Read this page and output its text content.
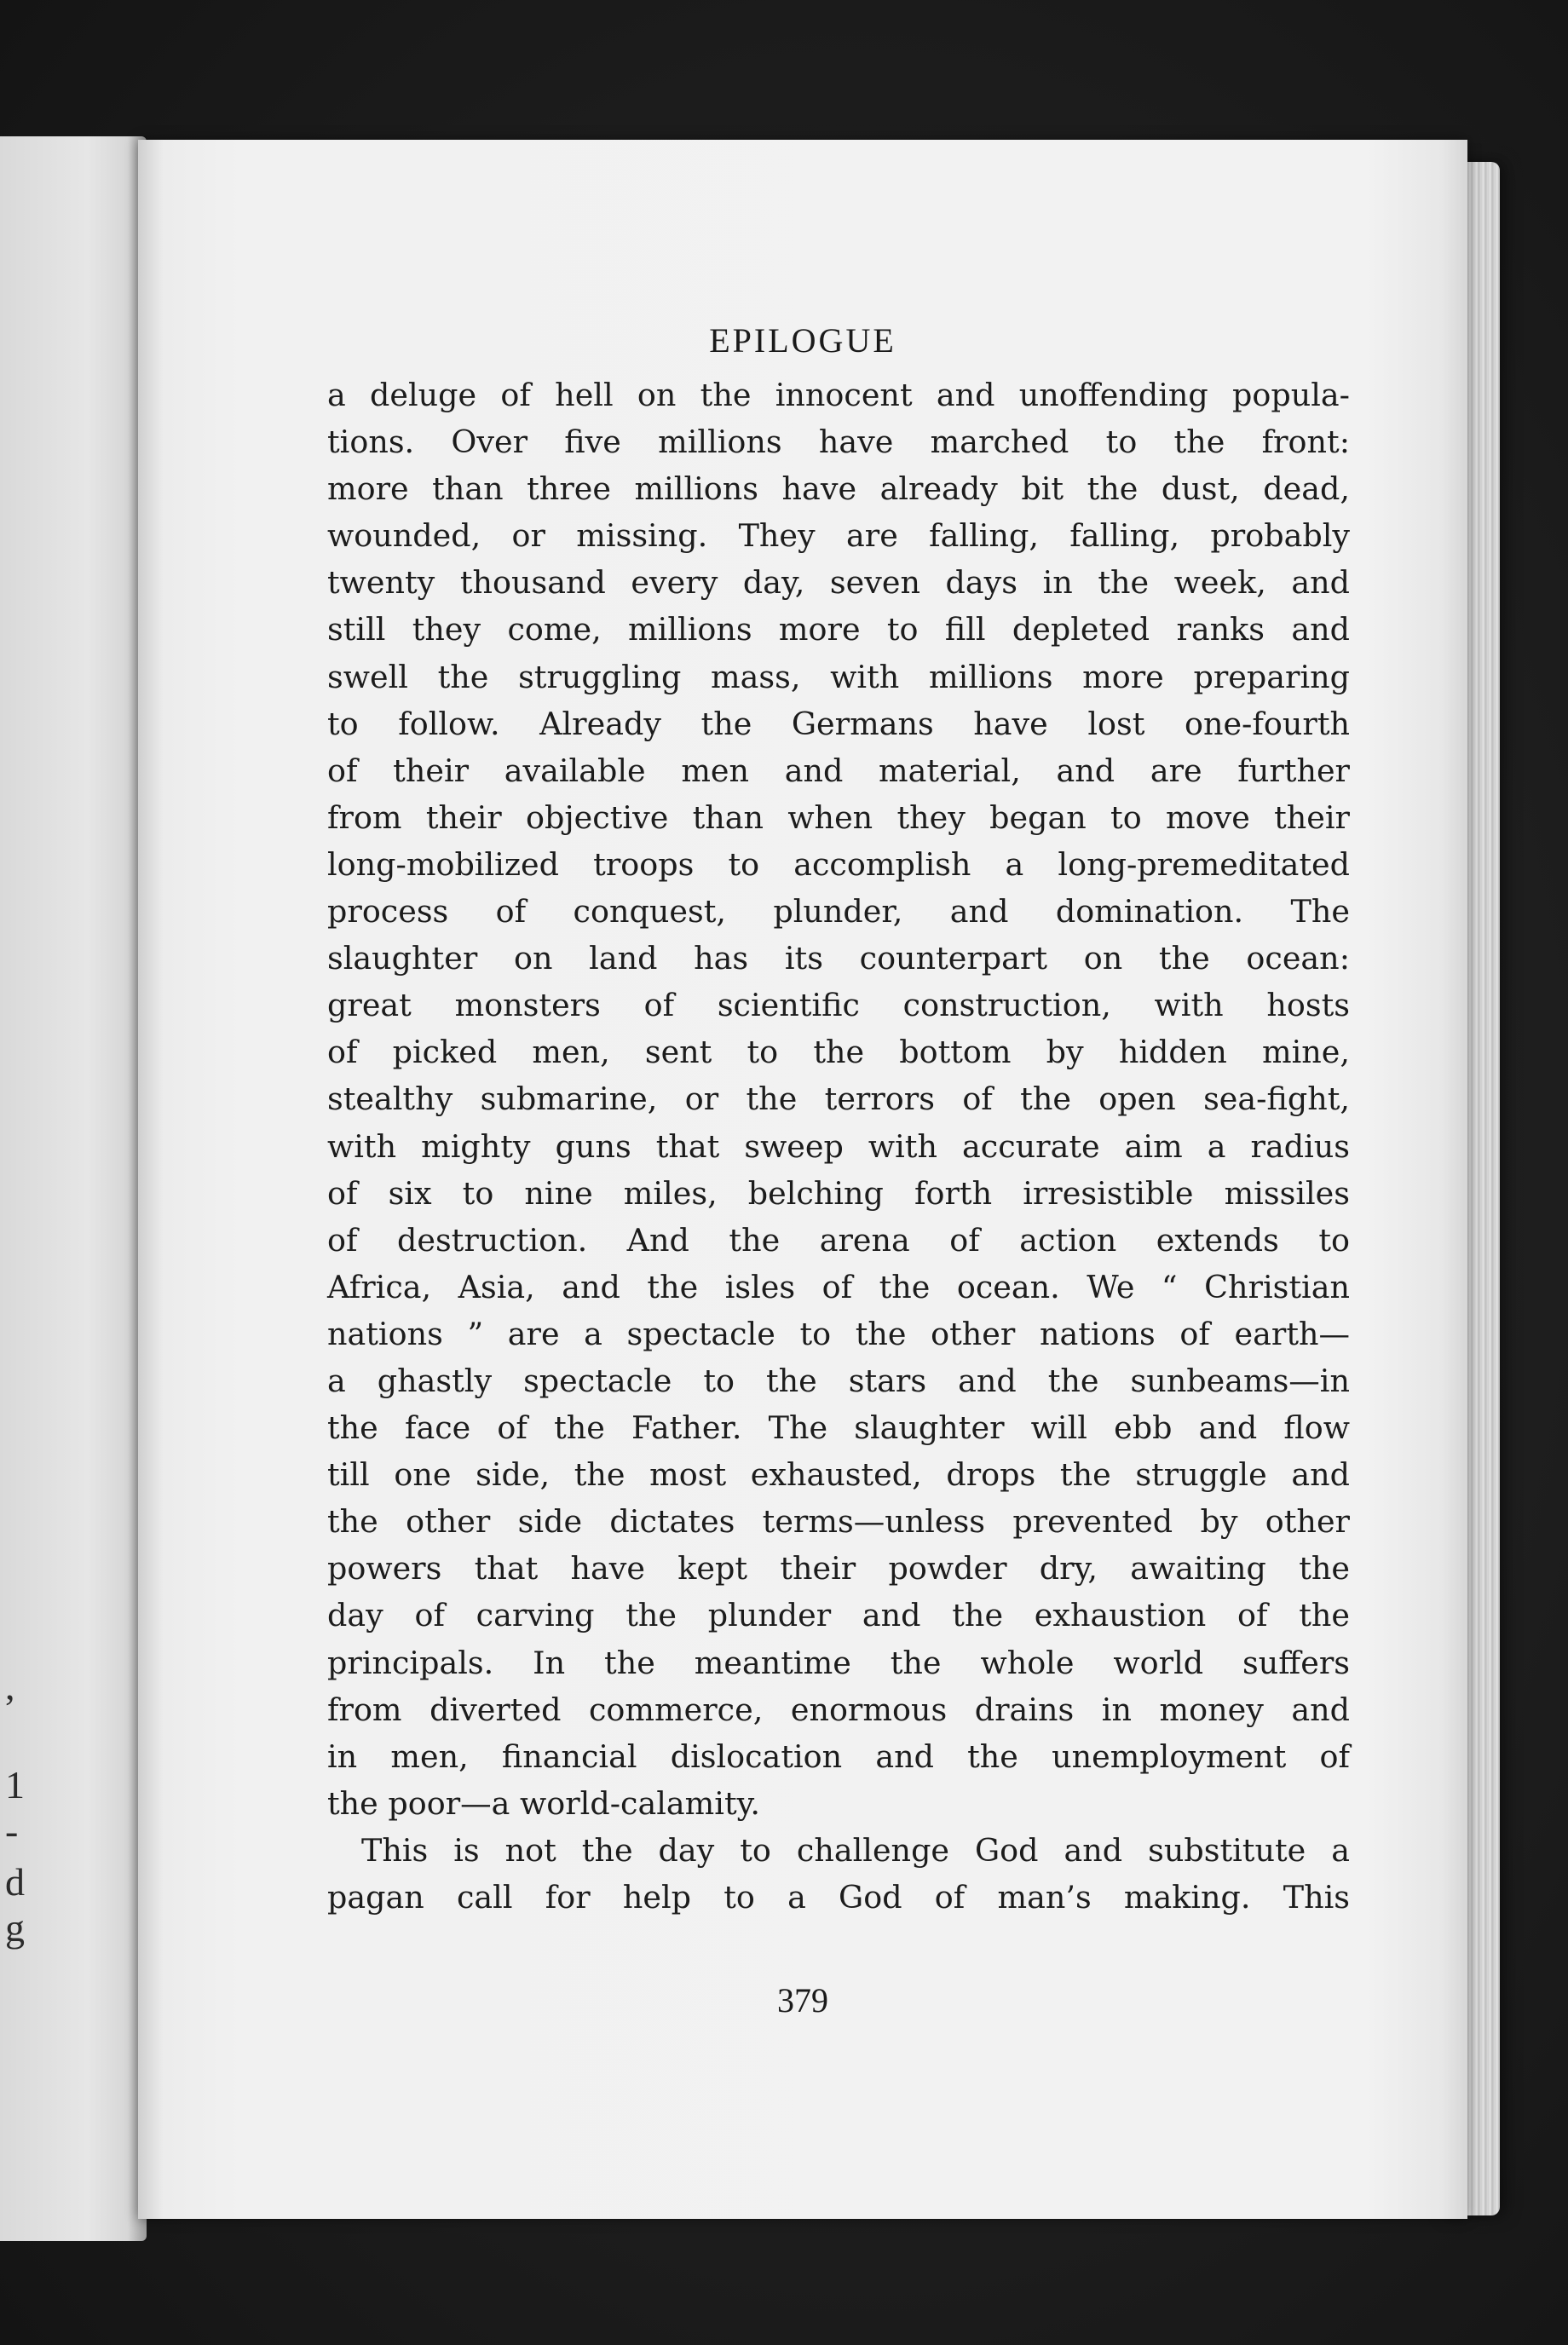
,
1
-
d
g
EPILOGUE
a deluge of hell on the innocent and unoffending popula-
tions. Over five millions have marched to the front:
more than three millions have already bit the dust, dead,
wounded, or missing. They are falling, falling, probably
twenty thousand every day, seven days in the week, and
still they come, millions more to fill depleted ranks and
swell the struggling mass, with millions more preparing
to follow. Already the Germans have lost one-fourth
of their available men and material, and are further
from their objective than when they began to move their
long-mobilized troops to accomplish a long-premeditated
process of conquest, plunder, and domination. The
slaughter on land has its counterpart on the ocean:
great monsters of scientific construction, with hosts
of picked men, sent to the bottom by hidden mine,
stealthy submarine, or the terrors of the open sea-fight,
with mighty guns that sweep with accurate aim a radius
of six to nine miles, belching forth irresistible missiles
of destruction. And the arena of action extends to
Africa, Asia, and the isles of the ocean. We “ Christian
nations ” are a spectacle to the other nations of earth—
a ghastly spectacle to the stars and the sunbeams—in
the face of the Father. The slaughter will ebb and flow
till one side, the most exhausted, drops the struggle and
the other side dictates terms—unless prevented by other
powers that have kept their powder dry, awaiting the
day of carving the plunder and the exhaustion of the
principals. In the meantime the whole world suffers
from diverted commerce, enormous drains in money and
in men, financial dislocation and the unemployment of
the poor—a world-calamity.
This is not the day to challenge God and substitute a
pagan call for help to a God of man’s making. This
379
